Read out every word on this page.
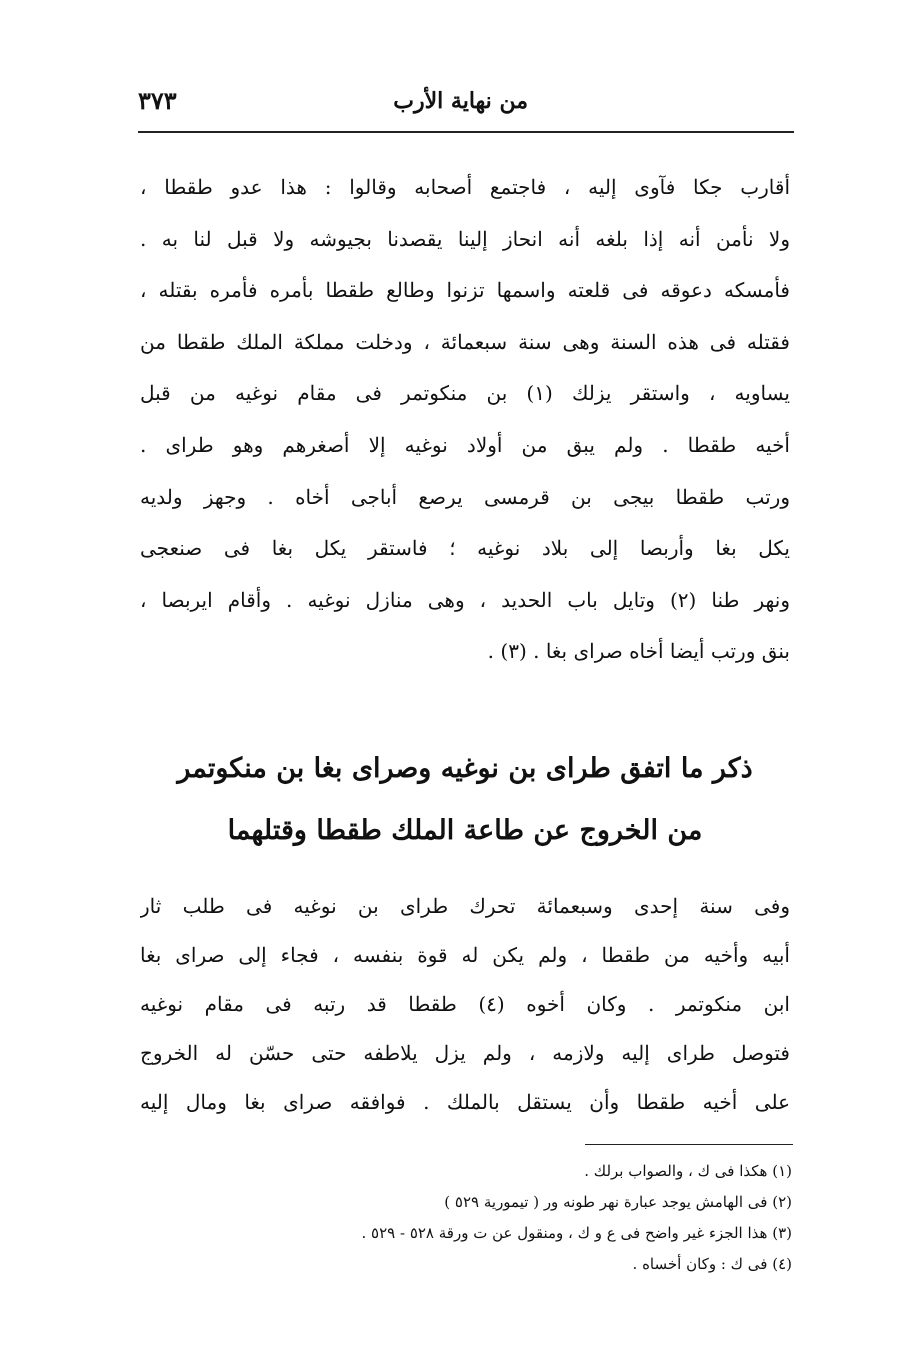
من نهاية الأرب
٣٧٣
أقارب جكا فآوى إليه ، فاجتمع أصحابه وقالوا : هذا عدو طقطا ،
ولا نأمن أنه إذا بلغه أنه انحاز إلينا يقصدنا بجيوشه ولا قبل لنا به .
فأمسكه دعوقه فى قلعته واسمها تزنوا وطالع طقطا بأمره فأمره بقتله ،
فقتله فى هذه السنة وهى سنة سبعمائة ، ودخلت مملكة الملك طقطا من
يساويه ، واستقر يزلك (١) بن منكوتمر فى مقام نوغيه من قبل
أخيه طقطا . ولم يبق من أولاد نوغيه إلا أصغرهم وهو طراى .
ورتب طقطا بيجى بن قرمسى يرصع أباجى أخاه . وجهز ولديه
يكل بغا وأربصا إلى بلاد نوغيه ؛ فاستقر يكل بغا فى صنعجى
ونهر طنا (٢) وتايل باب الحديد ، وهى منازل نوغيه . وأقام ايربصا ،
بنق ورتب أيضا أخاه صراى بغا . (٣) .
ذكر ما اتفق طراى بن نوغيه وصراى بغا بن منكوتمر
من الخروج عن طاعة الملك طقطا وقتلهما
وفى سنة إحدى وسبعمائة تحرك طراى بن نوغيه فى طلب ثار
أبيه وأخيه من طقطا ، ولم يكن له قوة بنفسه ، فجاء إلى صراى بغا
ابن منكوتمر . وكان أخوه (٤) طقطا قد رتبه فى مقام نوغيه
فتوصل طراى إليه ولازمه ، ولم يزل يلاطفه حتى حسّن له الخروج
على أخيه طقطا وأن يستقل بالملك . فوافقه صراى بغا ومال إليه
(١) هكذا فى ك ، والصواب برلك .
(٢) فى الهامش يوجد عبارة نهر طونه ور ( تيمورية ٥٢٩ )
(٣) هذا الجزء غير واضح فى ع و ك ، ومنقول عن ت ورقة ٥٢٨ - ٥٢٩ .
(٤) فى ك : وكان أخساه .
